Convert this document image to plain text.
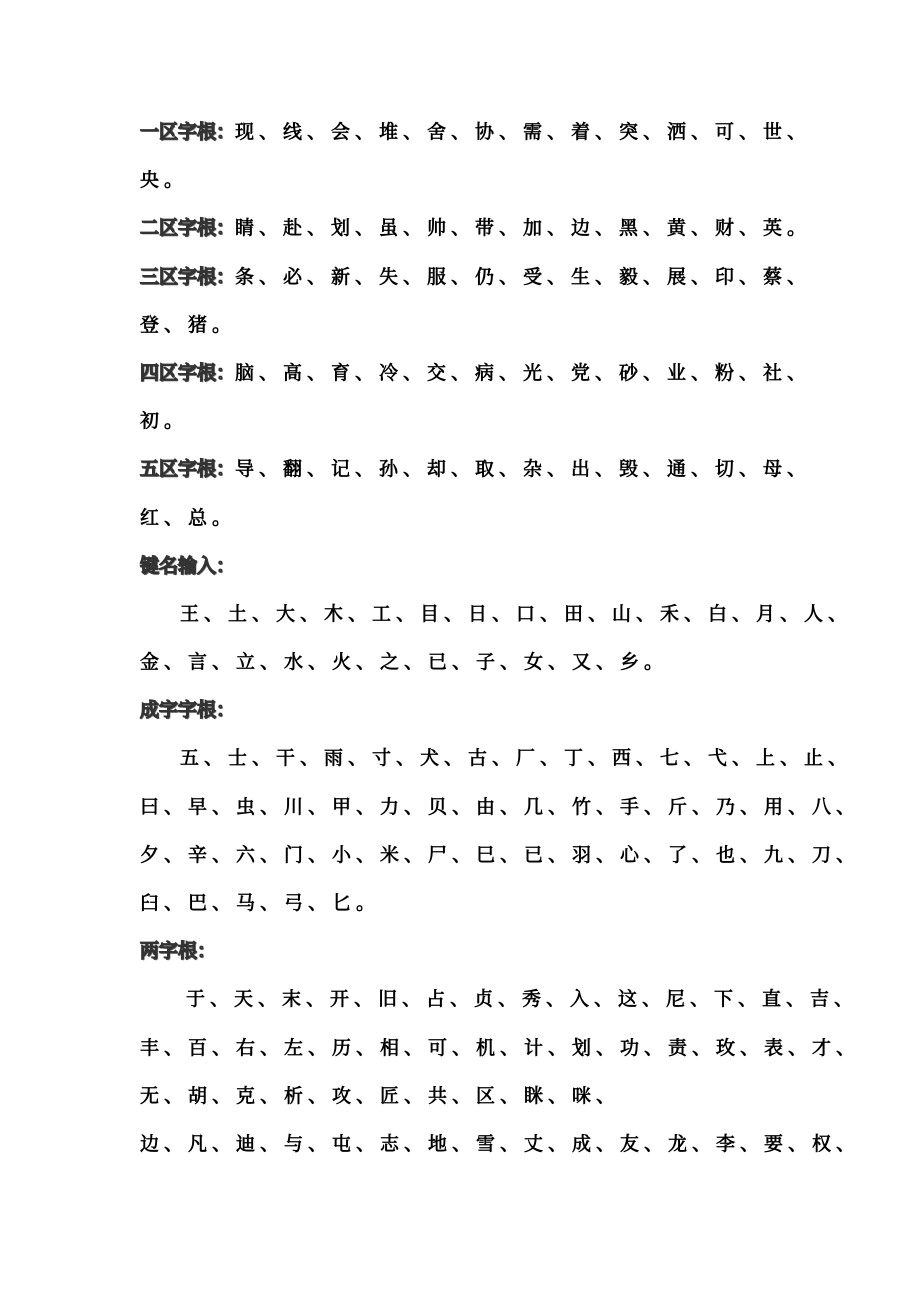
一区字根：现、线、会、堆、舍、协、需、着、突、洒、可、世、
央。
二区字根：睛、赴、划、虽、帅、带、加、边、黑、黄、财、英。
三区字根：条、必、新、失、服、仍、受、生、毅、展、印、蔡、
登、猪。
四区字根：脑、高、育、冷、交、病、光、党、砂、业、粉、社、
初。
五区字根：导、翻、记、孙、却、取、杂、出、毁、通、切、母、
红、总。
键名输入：
王、土、大、木、工、目、日、口、田、山、禾、白、月、人、
金、言、立、水、火、之、已、子、女、又、乡。
成字字根：
五、士、干、雨、寸、犬、古、厂、丁、西、七、弋、上、止、
曰、早、虫、川、甲、力、贝、由、几、竹、手、斤、乃、用、八、
夕、辛、六、门、小、米、尸、巳、已、羽、心、了、也、九、刀、
臼、巴、马、弓、匕。
两字根：
于、天、末、开、旧、占、贞、秀、入、这、尼、下、直、吉、
丰、百、右、左、历、相、可、机、计、划、功、责、玫、表、才、
无、胡、克、析、攻、匠、共、区、眯、咪、
边、凡、迪、与、屯、志、地、雪、丈、成、友、龙、李、要、权、
